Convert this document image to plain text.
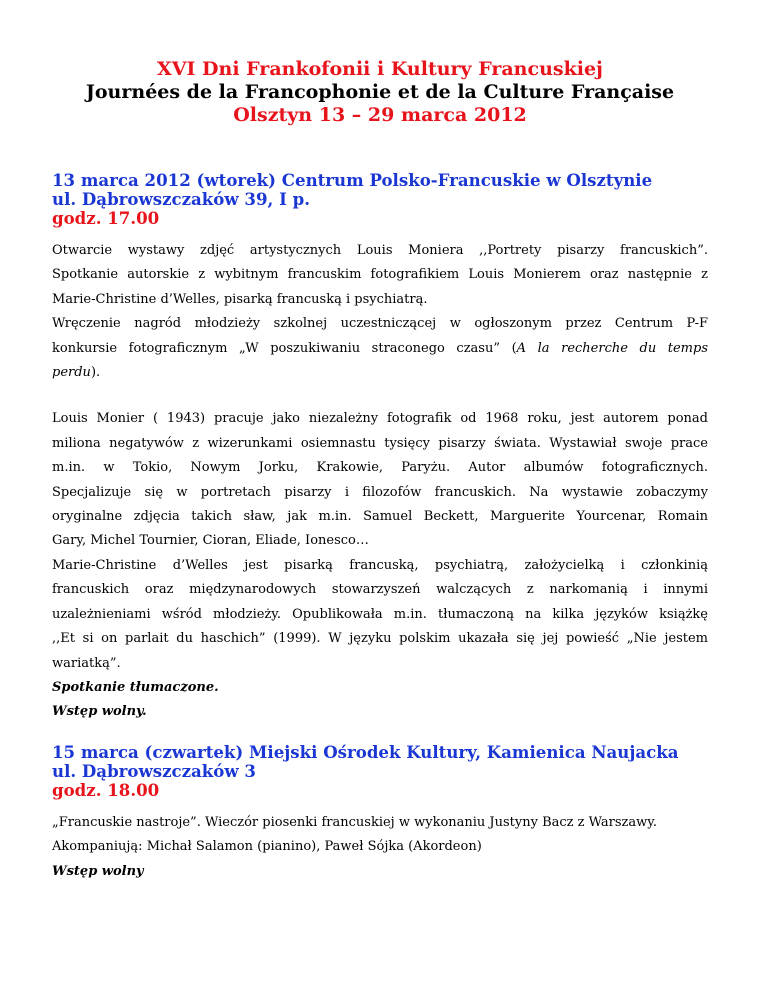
XVI Dni Frankofonii i Kultury Francuskiej

Journées de la Francophonie et de la Culture Française

Olsztyn 13 – 29 marca 2012

13 marca 2012 (wtorek) Centrum Polsko-Francuskie w Olsztynie

ul. Dąbrowszczaków 39, I p.

godz. 17.00

Otwarcie wystawy zdjęć artystycznych Louis Moniera ,,Portrety pisarzy francuskich”.

Spotkanie autorskie z wybitnym francuskim fotografikiem Louis Monierem oraz następnie z

Marie-Christine d’Welles, pisarką francuską i psychiatrą.

Wręczenie nagród młodzieży szkolnej uczestniczącej w ogłoszonym przez Centrum P-F

konkursie fotograficznym „W poszukiwaniu straconego czasu” (A la recherche du temps

perdu).

Louis Monier ( 1943) pracuje jako niezależny fotografik od 1968 roku, jest autorem ponad

miliona negatywów z wizerunkami osiemnastu tysięcy pisarzy świata. Wystawiał swoje prace

m.in. w Tokio, Nowym Jorku, Krakowie, Paryżu. Autor albumów fotograficznych.

Specjalizuje się w portretach pisarzy i filozofów francuskich. Na wystawie zobaczymy

oryginalne zdjęcia takich sław, jak m.in. Samuel Beckett, Marguerite Yourcenar, Romain

Gary, Michel Tournier, Cioran, Eliade, Ionesco…

Marie-Christine d’Welles jest pisarką francuską, psychiatrą, założycielką i członkinią

francuskich oraz międzynarodowych stowarzyszeń walczących z narkomanią i innymi

uzależnieniami wśród młodzieży. Opublikowała m.in. tłumaczoną na kilka języków książkę

,,Et si on parlait du haschich” (1999). W języku polskim ukazała się jej powieść „Nie jestem

wariatką”.

Spotkanie tłumaczone.

Wstęp wolny.

15 marca (czwartek) Miejski Ośrodek Kultury, Kamienica Naujacka

ul. Dąbrowszczaków 3

godz. 18.00

„Francuskie nastroje”. Wieczór piosenki francuskiej w wykonaniu Justyny Bacz z Warszawy.

Akompaniują: Michał Salamon (pianino), Paweł Sójka (Akordeon)

Wstęp wolny
